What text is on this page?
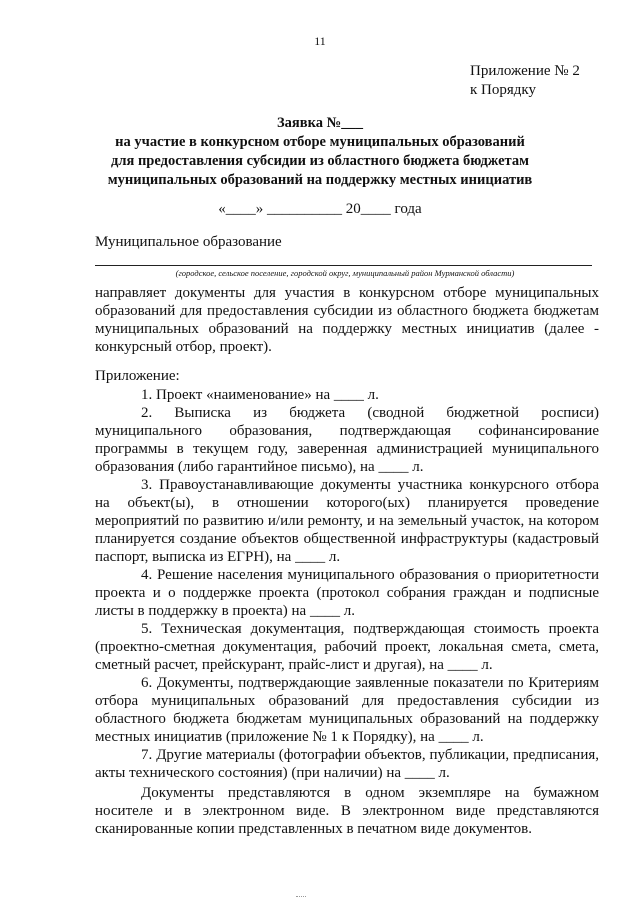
11
Приложение № 2
к Порядку
Заявка №___
на участие в конкурсном отборе муниципальных образований
для предоставления субсидии из областного бюджета бюджетам
муниципальных образований на поддержку местных инициатив
«____» __________ 20____ года
Муниципальное образование
(городское, сельское поселение, городской округ, муниципальный район Мурманской области)
направляет документы для участия в конкурсном отборе муниципальных образований для предоставления субсидии из областного бюджета бюджетам муниципальных образований на поддержку местных инициатив (далее - конкурсный отбор, проект).
Приложение:

1. Проект «наименование» на ____ л.

2. Выписка из бюджета (сводной бюджетной росписи) муниципального образования, подтверждающая софинансирование программы в текущем году, заверенная администрацией муниципального образования (либо гарантийное письмо), на ____ л.

3. Правоустанавливающие документы участника конкурсного отбора на объект(ы), в отношении которого(ых) планируется проведение мероприятий по развитию и/или ремонту, и на земельный участок, на котором планируется создание объектов общественной инфраструктуры (кадастровый паспорт, выписка из ЕГРН), на ____ л.

4. Решение населения муниципального образования о приоритетности проекта и о поддержке проекта (протокол собрания граждан и подписные листы в поддержку в проекта) на ____ л.

5. Техническая документация, подтверждающая стоимость проекта (проектно-сметная документация, рабочий проект, локальная смета, смета, сметный расчет, прейскурант, прайс-лист и другая), на ____ л.

6. Документы, подтверждающие заявленные показатели по Критериям отбора муниципальных образований для предоставления субсидии из областного бюджета бюджетам муниципальных образований на поддержку местных инициатив (приложение № 1 к Порядку), на ____ л.

7. Другие материалы (фотографии объектов, публикации, предписания, акты технического состояния) (при наличии) на ____ л.

Документы представляются в одном экземпляре на бумажном носителе и в электронном виде. В электронном виде представляются сканированные копии представленных в печатном виде документов.
